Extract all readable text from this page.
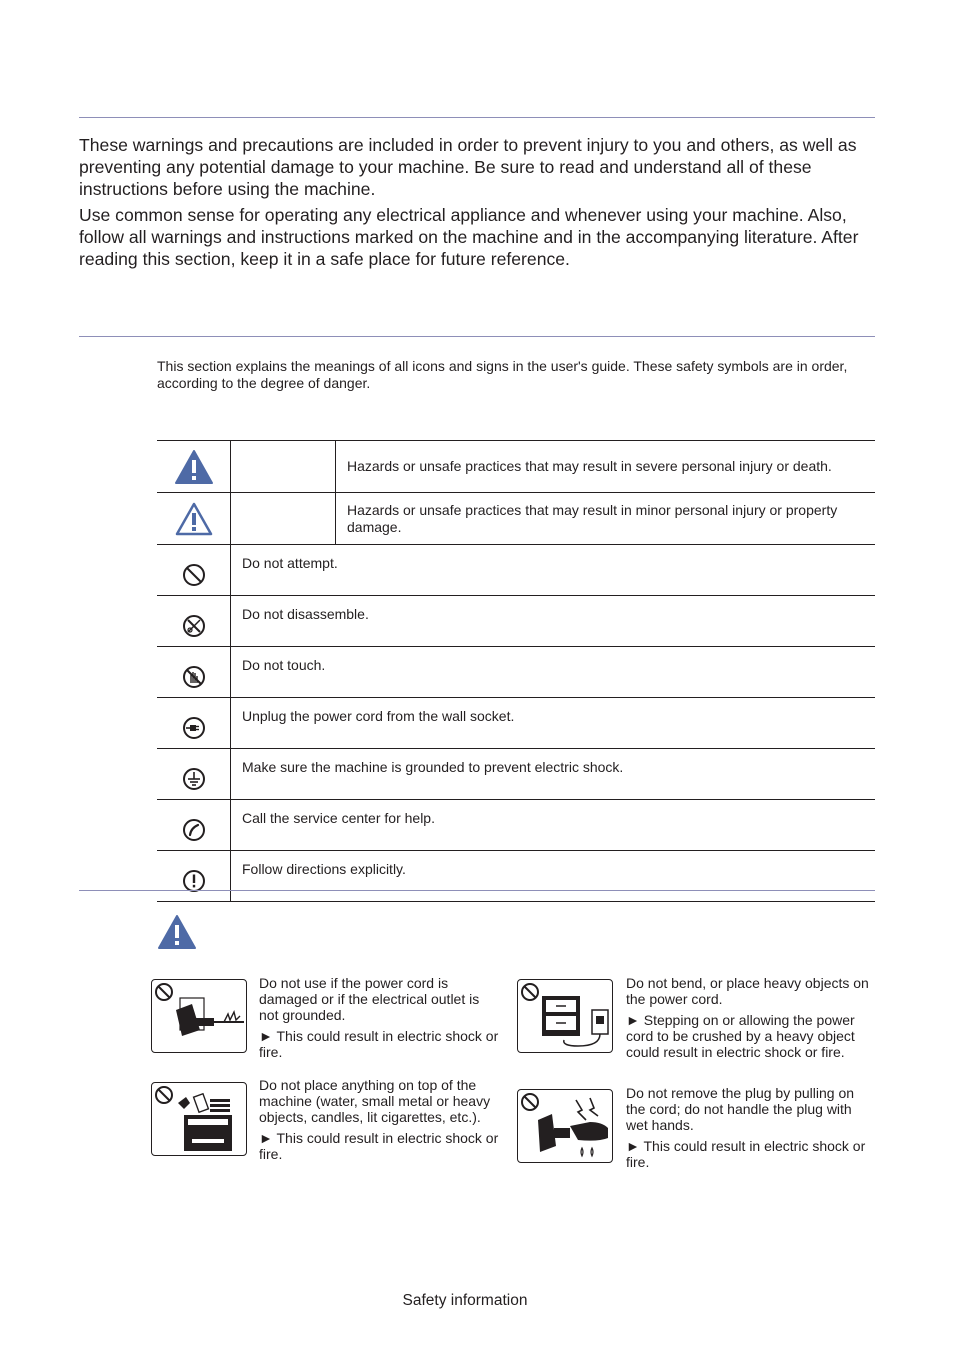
These warnings and precautions are included in order to prevent injury to you and others, as well as preventing any potential damage to your machine. Be sure to read and understand all of these instructions before using the machine.

Use common sense for operating any electrical appliance and whenever using your machine. Also, follow all warnings and instructions marked on the machine and in the accompanying literature. After reading this section, keep it in a safe place for future reference.

This section explains the meanings of all icons and signs in the user's guide. These safety symbols are in order, according to the degree of danger.

		Hazards or unsafe practices that may result in severe personal injury or death.

		Hazards or unsafe practices that may result in minor personal injury or property damage.

	Do not attempt.	

	Do not disassemble.	

	Do not touch.	

	Unplug the power cord from the wall socket.	

	Make sure the machine is grounded to prevent electric shock.	

	Call the service center for help.	

	Follow directions explicitly.	

Do not use if the power cord is damaged or if the electrical outlet is not grounded.

► This could result in electric shock or fire.

Do not bend, or place heavy objects on the power cord.

► Stepping on or allowing the power cord to be crushed by a heavy object could result in electric shock or fire.

Do not place anything on top of the machine (water, small metal or heavy objects, candles, lit cigarettes, etc.).

► This could result in electric shock or fire.

Do not remove the plug by pulling on the cord; do not handle the plug with wet hands.

► This could result in electric shock or fire.

Safety information
